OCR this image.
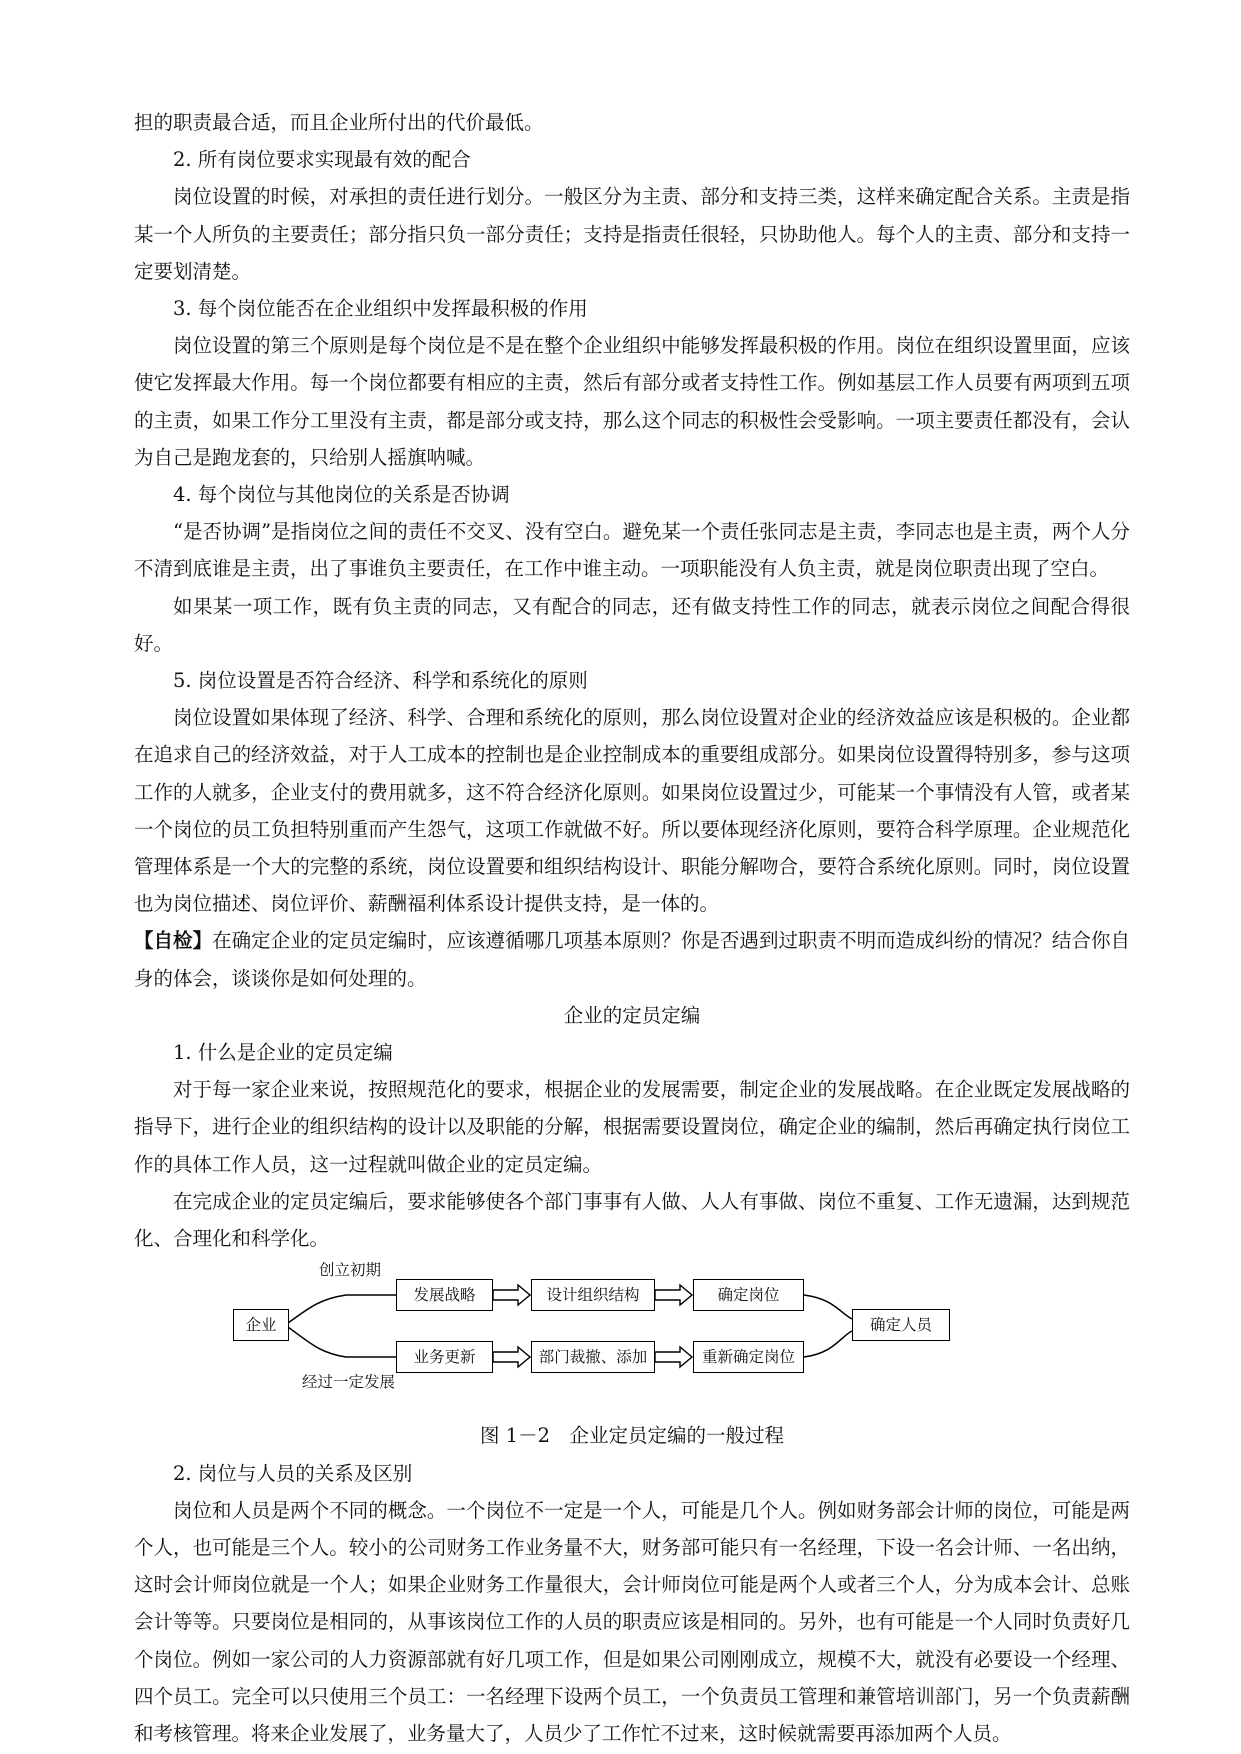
担的职责最合适，而且企业所付出的代价最低。

2. 所有岗位要求实现最有效的配合

岗位设置的时候，对承担的责任进行划分。一般区分为主责、部分和支持三类，这样来确定配合关系。主责是指某一个人所负的主要责任；部分指只负一部分责任；支持是指责任很轻，只协助他人。每个人的主责、部分和支持一定要划清楚。

3. 每个岗位能否在企业组织中发挥最积极的作用

岗位设置的第三个原则是每个岗位是不是在整个企业组织中能够发挥最积极的作用。岗位在组织设置里面，应该使它发挥最大作用。每一个岗位都要有相应的主责，然后有部分或者支持性工作。例如基层工作人员要有两项到五项的主责，如果工作分工里没有主责，都是部分或支持，那么这个同志的积极性会受影响。一项主要责任都没有，会认为自己是跑龙套的，只给别人摇旗呐喊。

4. 每个岗位与其他岗位的关系是否协调

“是否协调”是指岗位之间的责任不交叉、没有空白。避免某一个责任张同志是主责，李同志也是主责，两个人分不清到底谁是主责，出了事谁负主要责任，在工作中谁主动。一项职能没有人负主责，就是岗位职责出现了空白。

如果某一项工作，既有负主责的同志，又有配合的同志，还有做支持性工作的同志，就表示岗位之间配合得很好。

5. 岗位设置是否符合经济、科学和系统化的原则

岗位设置如果体现了经济、科学、合理和系统化的原则，那么岗位设置对企业的经济效益应该是积极的。企业都在追求自己的经济效益，对于人工成本的控制也是企业控制成本的重要组成部分。如果岗位设置得特别多，参与这项工作的人就多，企业支付的费用就多，这不符合经济化原则。如果岗位设置过少，可能某一个事情没有人管，或者某一个岗位的员工负担特别重而产生怨气，这项工作就做不好。所以要体现经济化原则，要符合科学原理。企业规范化管理体系是一个大的完整的系统，岗位设置要和组织结构设计、职能分解吻合，要符合系统化原则。同时，岗位设置也为岗位描述、岗位评价、薪酬福利体系设计提供支持，是一体的。

【自检】在确定企业的定员定编时，应该遵循哪几项基本原则？你是否遇到过职责不明而造成纠纷的情况？结合你自身的体会，谈谈你是如何处理的。

企业的定员定编

1. 什么是企业的定员定编

对于每一家企业来说，按照规范化的要求，根据企业的发展需要，制定企业的发展战略。在企业既定发展战略的指导下，进行企业的组织结构的设计以及职能的分解，根据需要设置岗位，确定企业的编制，然后再确定执行岗位工作的具体工作人员，这一过程就叫做企业的定员定编。

在完成企业的定员定编后，要求能够使各个部门事事有人做、人人有事做、岗位不重复、工作无遗漏，达到规范化、合理化和科学化。

创立初期
经过一定发展
企业
发展战略	设计组织结构	确定岗位
业务更新	部门裁撤、添加	重新确定岗位
确定人员

图 1－2　企业定员定编的一般过程

2. 岗位与人员的关系及区别

岗位和人员是两个不同的概念。一个岗位不一定是一个人，可能是几个人。例如财务部会计师的岗位，可能是两个人，也可能是三个人。较小的公司财务工作业务量不大，财务部可能只有一名经理，下设一名会计师、一名出纳，这时会计师岗位就是一个人；如果企业财务工作量很大，会计师岗位可能是两个人或者三个人，分为成本会计、总账会计等等。只要岗位是相同的，从事该岗位工作的人员的职责应该是相同的。另外，也有可能是一个人同时负责好几个岗位。例如一家公司的人力资源部就有好几项工作，但是如果公司刚刚成立，规模不大，就没有必要设一个经理、四个员工。完全可以只使用三个员工：一名经理下设两个员工，一个负责员工管理和兼管培训部门，另一个负责薪酬和考核管理。将来企业发展了，业务量大了，人员少了工作忙不过来，这时候就需要再添加两个人员。
